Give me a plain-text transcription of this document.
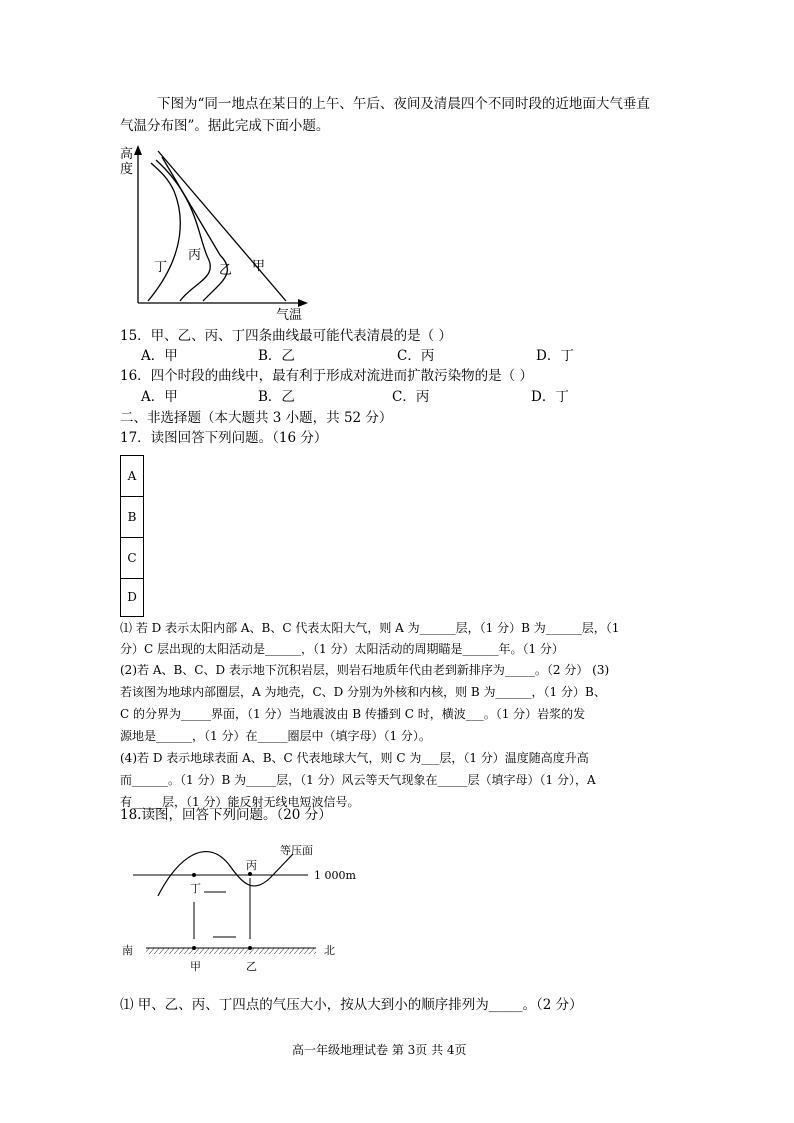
下图为“同一地点在某日的上午、午后、夜间及清晨四个不同时段的近地面大气垂直
气温分布图”。据此完成下面小题。
高
度
丁
丙
乙 甲
气温
15．甲、乙、丙、丁四条曲线最可能代表清晨的是（ ）
A．甲	B．乙	C．丙	D．丁
16．四个时段的曲线中，最有利于形成对流进而扩散污染物的是（ ）
A．甲	B．乙	C．丙	D．丁
二、非选择题（本大题共 3 小题，共 52 分）
17．读图回答下列问题。（16 分）
A
B
C
D
⑴ 若 D 表示太阳内部 A、B、C 代表太阳大气，则 A 为______层，（1 分）B 为______层，（1
分）C 层出现的太阳活动是______，（1 分）太阳活动的周期瞄是______年。（1 分）
(2)若 A、B、C、D 表示地下沉积岩层，则岩石地质年代由老到新排序为_____。（2 分） (3)
若该图为地球内部圈层，A 为地壳，C、D 分别为外核和内核，则 B 为______，（1 分）B、
C 的分界为_____界面，（1 分）当地震波由 B 传播到 C 时，横波___。（1 分）岩浆的发
源地是______，（1 分）在_____圈层中（填字母）（1 分）。
(4)若 D 表示地球表面 A、B、C 代表地球大气，则 C 为___层，（1 分）温度随高度升高
而______。（1 分）B 为_____层，（1 分）风云等天气现象在_____层（填字母）（1 分），A
有_____层，（1 分）能反射无线电短波信号。
18.读图，回答下列问题。（20 分）
等压面
1 000m
丙
丁
南	北
甲	乙
⑴ 甲、乙、丙、丁四点的气压大小，按从大到小的顺序排列为_____。（2 分）
高一年级地理试卷 第 3页 共 4页
